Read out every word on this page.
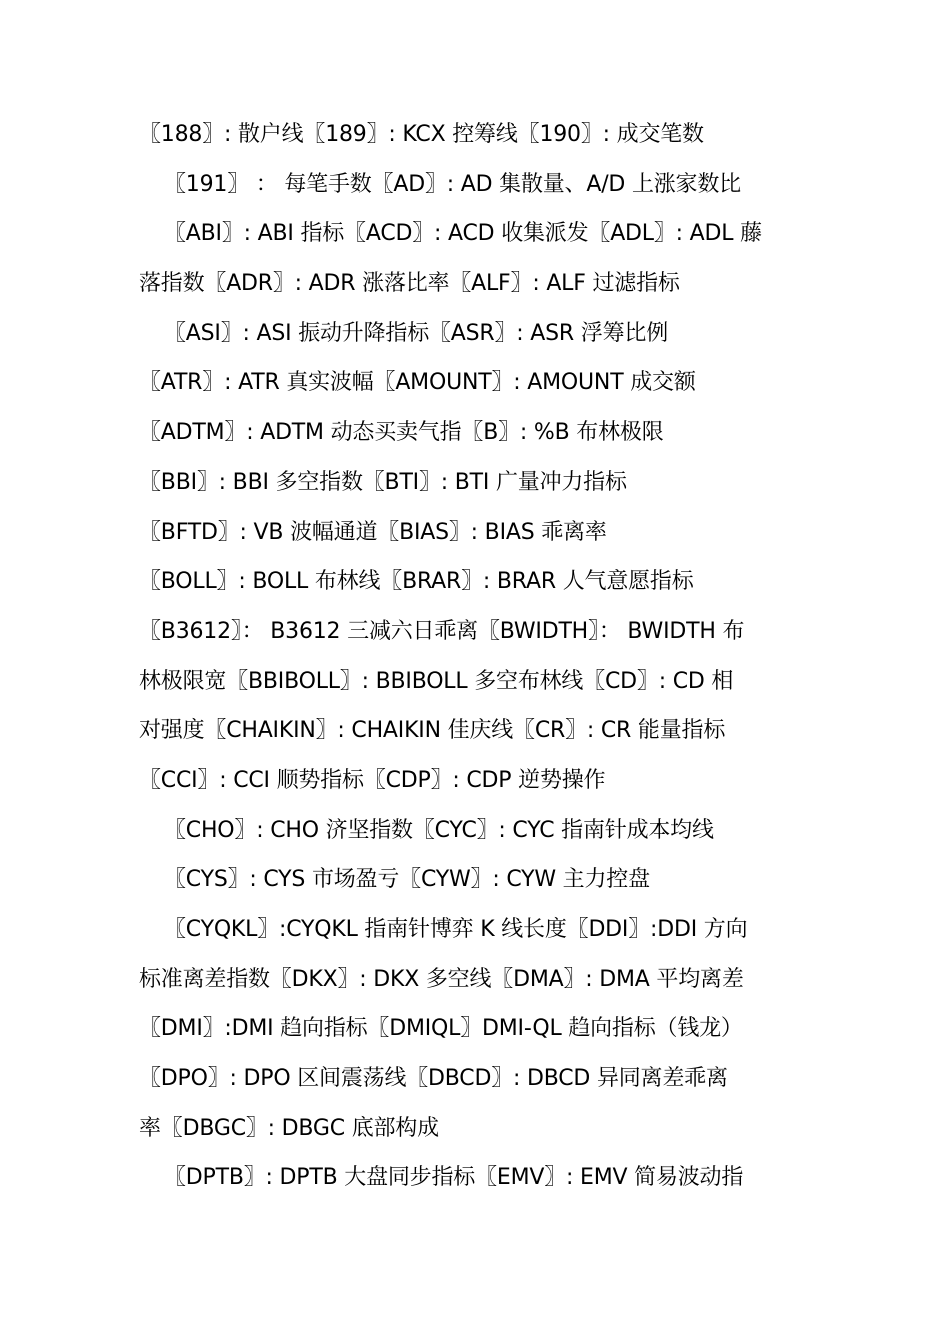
〖188〗: 散户线〖189〗: KCX 控筹线〖190〗: 成交笔数
〖191〗 ： 每笔手数〖AD〗: AD 集散量、A/D 上涨家数比
〖ABI〗: ABI 指标〖ACD〗: ACD 收集派发〖ADL〗: ADL 藤
落指数〖ADR〗: ADR 涨落比率〖ALF〗: ALF 过滤指标
〖ASI〗: ASI 振动升降指标〖ASR〗: ASR 浮筹比例
〖ATR〗: ATR 真实波幅〖AMOUNT〗: AMOUNT 成交额
〖ADTM〗: ADTM 动态买卖气指〖B〗: %B 布林极限
〖BBI〗: BBI 多空指数〖BTI〗: BTI 广量冲力指标
〖BFTD〗: VB 波幅通道〖BIAS〗: BIAS 乖离率
〖BOLL〗: BOLL 布林线〖BRAR〗: BRAR 人气意愿指标
〖B3612〗： B3612 三减六日乖离〖BWIDTH〗： BWIDTH 布
林极限宽〖BBIBOLL〗: BBIBOLL 多空布林线〖CD〗: CD 相
对强度〖CHAIKIN〗: CHAIKIN 佳庆线〖CR〗: CR 能量指标
〖CCI〗: CCI 顺势指标〖CDP〗: CDP 逆势操作
〖CHO〗: CHO 济坚指数〖CYC〗: CYC 指南针成本均线
〖CYS〗: CYS 市场盈亏〖CYW〗: CYW 主力控盘
〖CYQKL〗:CYQKL 指南针博弈 K 线长度〖DDI〗:DDI 方向
标准离差指数〖DKX〗: DKX 多空线〖DMA〗: DMA 平均离差
〖DMI〗:DMI 趋向指标〖DMIQL〗DMI-QL 趋向指标（钱龙）
〖DPO〗: DPO 区间震荡线〖DBCD〗: DBCD 异同离差乖离
率〖DBGC〗: DBGC 底部构成
〖DPTB〗: DPTB 大盘同步指标〖EMV〗: EMV 简易波动指
